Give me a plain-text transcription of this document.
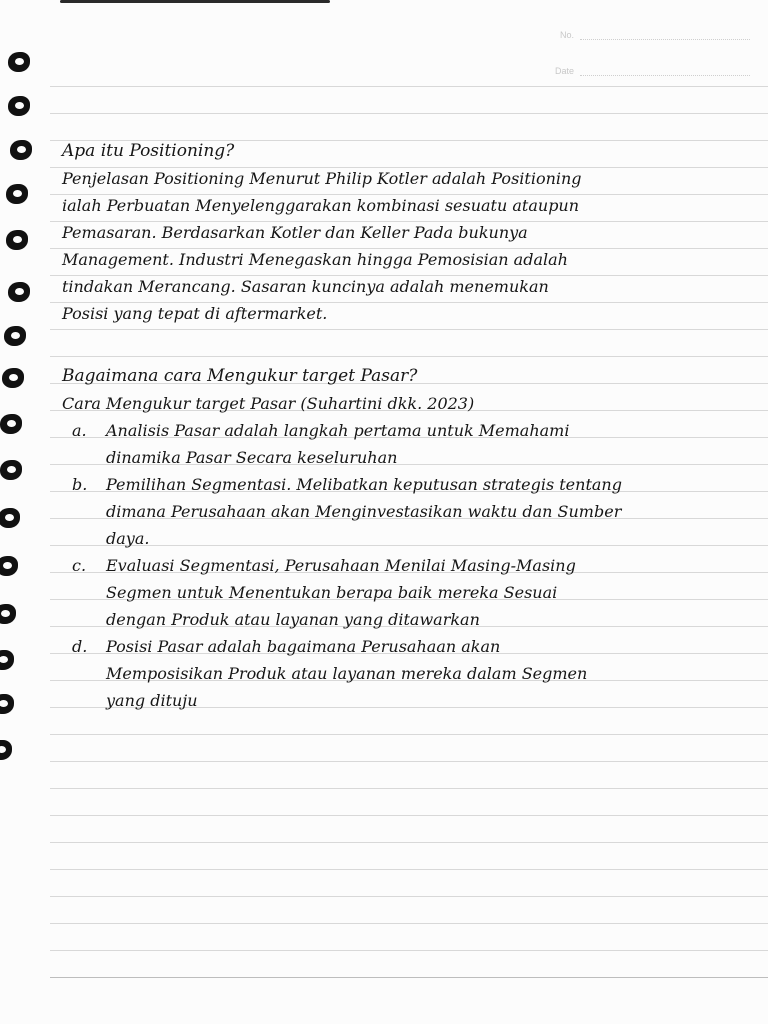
No.
Date

Apa itu Positioning?

Penjelasan Positioning Menurut Philip Kotler adalah Positioning
ialah Perbuatan Menyelenggarakan kombinasi sesuatu ataupun
Pemasaran. Berdasarkan Kotler dan Keller Pada bukunya
Management. Industri Menegaskan hingga Pemosisian adalah
tindakan Merancang. Sasaran kuncinya adalah menemukan
Posisi yang tepat di aftermarket.

Bagaimana cara Mengukur target Pasar?

Cara Mengukur target Pasar (Suhartini dkk. 2023)

a.	Analisis Pasar adalah langkah pertama untuk Memahami
dinamika Pasar Secara keseluruhan
b.	Pemilihan Segmentasi. Melibatkan keputusan strategis tentang
dimana Perusahaan akan Menginvestasikan waktu dan Sumber
daya.
c.	Evaluasi Segmentasi, Perusahaan Menilai Masing-Masing
Segmen untuk Menentukan berapa baik mereka Sesuai
dengan Produk atau layanan yang ditawarkan
d.	Posisi Pasar adalah bagaimana Perusahaan akan
Memposisikan Produk atau layanan mereka dalam Segmen
yang dituju
